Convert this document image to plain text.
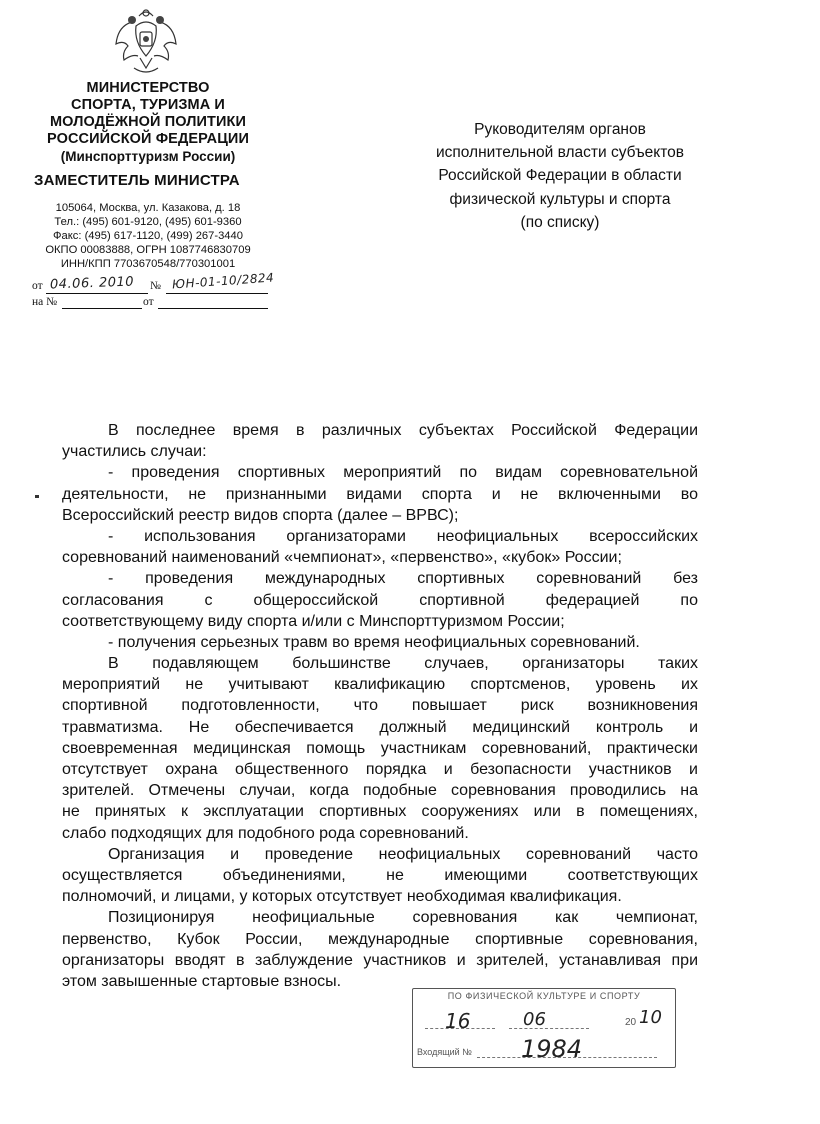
МИНИСТЕРСТВО
СПОРТА, ТУРИЗМА И
МОЛОДЁЖНОЙ ПОЛИТИКИ
РОССИЙСКОЙ ФЕДЕРАЦИИ
(Минспорттуризм России)
ЗАМЕСТИТЕЛЬ МИНИСТРА
105064, Москва, ул. Казакова, д. 18
Тел.: (495) 601-9120, (495) 601-9360
Факс: (495) 617-1120, (499) 267-3440
ОКПО 00083888, ОГРН 1087746830709
ИНН/КПП 7703670548/770301001
от 04.06. 2010 № ЮН-01-10/2824
на №	от
Руководителям органов
исполнительной власти субъектов
Российской Федерации в области
физической культуры и спорта
(по списку)
В последнее время в различных субъектах Российской Федерации
участились случаи:
- проведения спортивных мероприятий по видам соревновательной
деятельности, не признанными видами спорта и не включенными во
Всероссийский реестр видов спорта (далее – ВРВС);
- использования организаторами неофициальных всероссийских
соревнований наименований «чемпионат», «первенство», «кубок» России;
- проведения международных спортивных соревнований без
согласования с общероссийской спортивной федерацией по
соответствующему виду спорта и/или с Минспорттуризмом России;
- получения серьезных травм во время неофициальных соревнований.
В подавляющем большинстве случаев, организаторы таких
мероприятий не учитывают квалификацию спортсменов, уровень их
спортивной подготовленности, что повышает риск возникновения
травматизма. Не обеспечивается должный медицинский контроль и
своевременная медицинская помощь участникам соревнований, практически
отсутствует охрана общественного порядка и безопасности участников и
зрителей. Отмечены случаи, когда подобные соревнования проводились на
не принятых к эксплуатации спортивных сооружениях или в помещениях,
слабо подходящих для подобного рода соревнований.
Организация и проведение неофициальных соревнований часто
осуществляется объединениями, не имеющими соответствующих
полномочий, и лицами, у которых отсутствует необходимая квалификация.
Позиционируя неофициальные соревнования как чемпионат,
первенство, Кубок России, международные спортивные соревнования,
организаторы вводят в заблуждение участников и зрителей, устанавливая при
этом завышенные стартовые взносы.
ПО ФИЗИЧЕСКОЙ КУЛЬТУРЕ И СПОРТУ
16	06	20 10
Входящий № 1984
